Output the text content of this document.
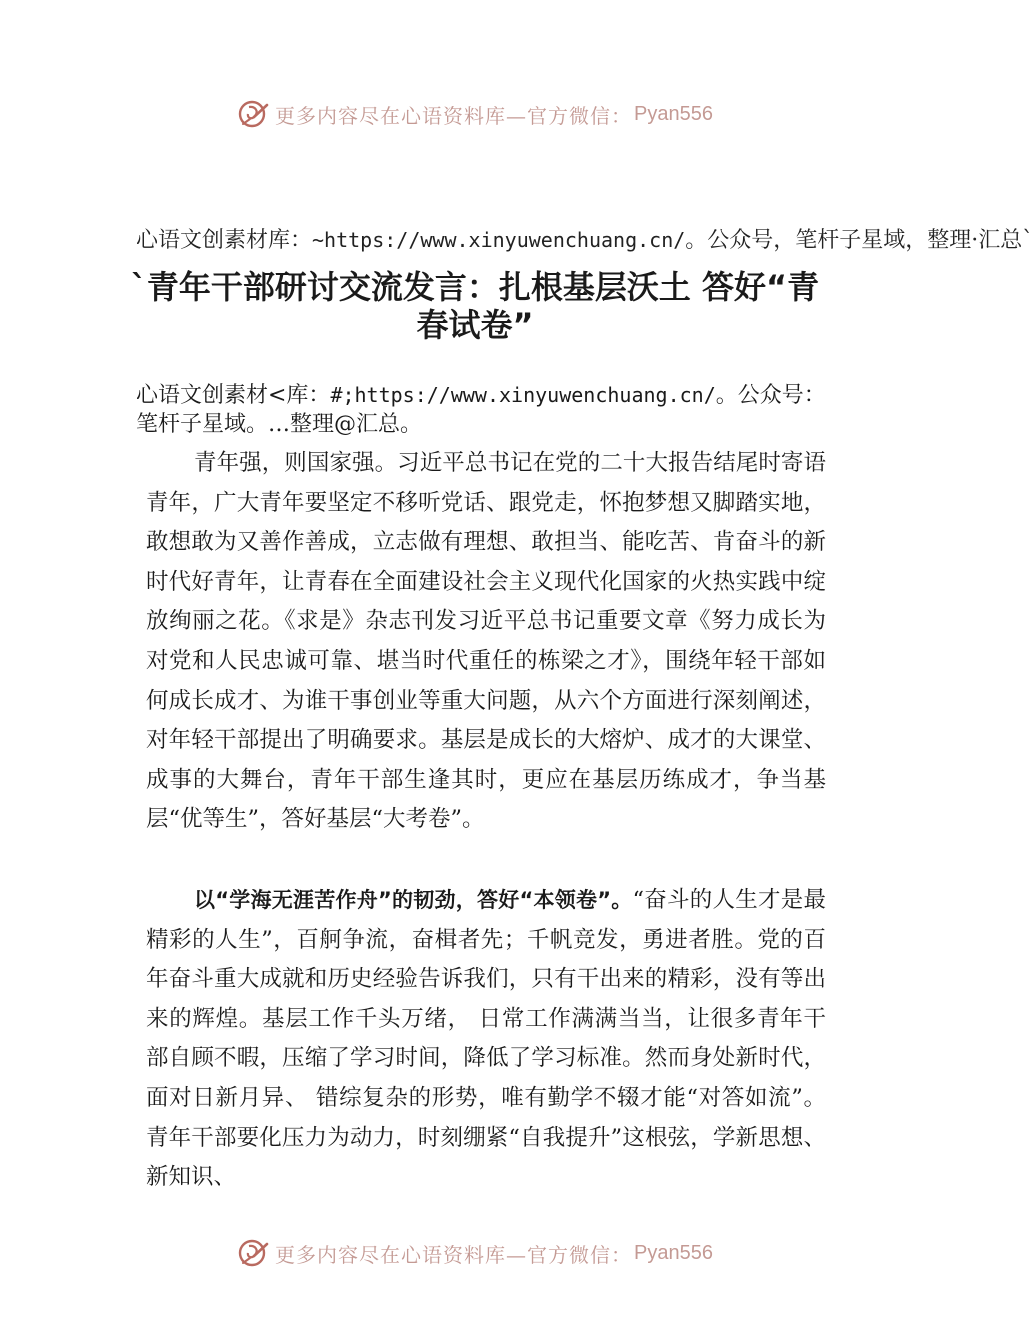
更多内容尽在心语资料库—官方微信： Pyan556
心语文创素材库：~https://www.xinyuwenchuang.cn/。公众号，笔杆子星域，整理·汇总`
`青年干部研讨交流发言：扎根基层沃土 答好“青春试卷”
心语文创素材<库：#;https://www.xinyuwenchuang.cn/。公众号：笔杆子星域。…整理@汇总。

青年强，则国家强。习近平总书记在党的二十大报告结尾时寄语青年，广大青年要坚定不移听党话、跟党走，怀抱梦想又脚踏实地，敢想敢为又善作善成，立志做有理想、敢担当、能吃苦、肯奋斗的新时代好青年，让青春在全面建设社会主义现代化国家的火热实践中绽放绚丽之花。《求是》杂志刊发习近平总书记重要文章《努力成长为对党和人民忠诚可靠、堪当时代重任的栋梁之才》，围绕年轻干部如何成长成才、为谁干事创业等重大问题，从六个方面进行深刻阐述， 对年轻干部提出了明确要求。基层是成长的大熔炉、成才的大课堂、成事的大舞台，青年干部生逢其时，更应在基层历练成才，争当基层“优等生”，答好基层“大考卷”。

以“学海无涯苦作舟”的韧劲，答好“本领卷”。“奋斗的人生才是最精彩的人生”，百舸争流，奋楫者先；千帆竞发，勇进者胜。党的百年奋斗重大成就和历史经验告诉我们，只有干出来的精彩，没有等出来的辉煌。基层工作千头万绪， 日常工作满满当当，让很多青年干部自顾不暇，压缩了学习时间，降低了学习标准。然而身处新时代，面对日新月异、 错综复杂的形势，唯有勤学不辍才能“对答如流”。青年干部要化压力为动力，时刻绷紧“自我提升”这根弦，学新思想、新知识、

更多内容尽在心语资料库—官方微信： Pyan556
